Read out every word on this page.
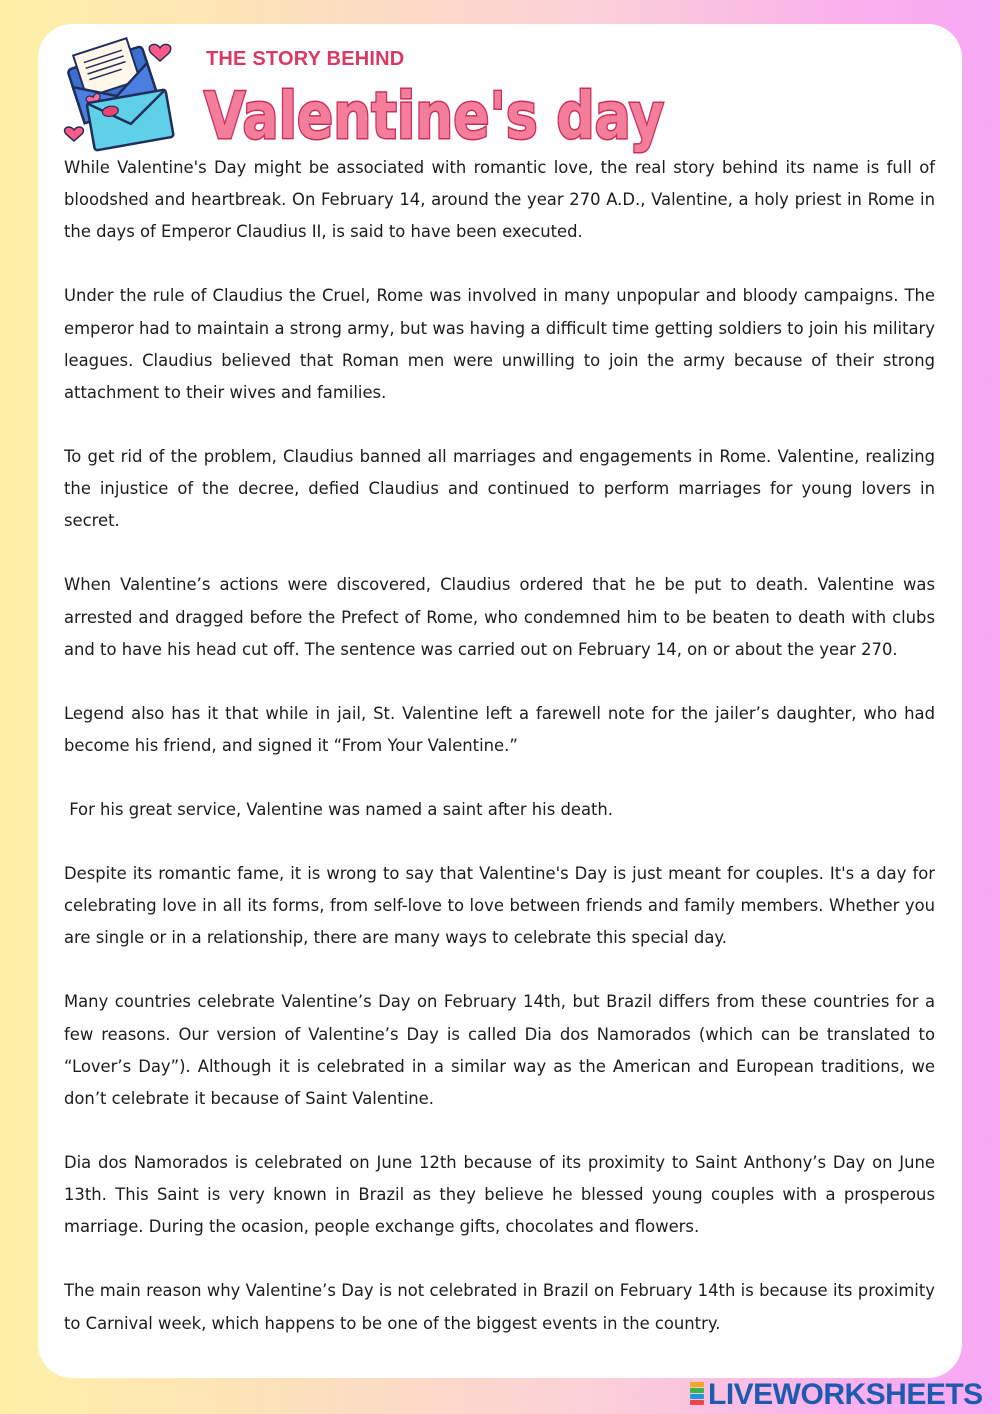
THE STORY BEHIND
Valentine's day

While Valentine's Day might be associated with romantic love, the real story behind its name is full of bloodshed and heartbreak. On February 14, around the year 270 A.D., Valentine, a holy priest in Rome in the days of Emperor Claudius II, is said to have been executed.

Under the rule of Claudius the Cruel, Rome was involved in many unpopular and bloody campaigns. The emperor had to maintain a strong army, but was having a difficult time getting soldiers to join his military leagues. Claudius believed that Roman men were unwilling to join the army because of their strong attachment to their wives and families.

To get rid of the problem, Claudius banned all marriages and engagements in Rome. Valentine, realizing the injustice of the decree, defied Claudius and continued to perform marriages for young lovers in secret.

When Valentine’s actions were discovered, Claudius ordered that he be put to death. Valentine was arrested and dragged before the Prefect of Rome, who condemned him to be beaten to death with clubs and to have his head cut off. The sentence was carried out on February 14, on or about the year 270.

Legend also has it that while in jail, St. Valentine left a farewell note for the jailer’s daughter, who had become his friend, and signed it “From Your Valentine.”

For his great service, Valentine was named a saint after his death.

Despite its romantic fame, it is wrong to say that Valentine's Day is just meant for couples. It's a day for celebrating love in all its forms, from self-love to love between friends and family members. Whether you are single or in a relationship, there are many ways to celebrate this special day.

Many countries celebrate Valentine’s Day on February 14th, but Brazil differs from these countries for a few reasons. Our version of Valentine’s Day is called Dia dos Namorados (which can be translated to “Lover’s Day”). Although it is celebrated in a similar way as the American and European traditions, we don’t celebrate it because of Saint Valentine.

Dia dos Namorados is celebrated on June 12th because of its proximity to Saint Anthony’s Day on June 13th. This Saint is very known in Brazil as they believe he blessed young couples with a prosperous marriage. During the ocasion, people exchange gifts, chocolates and flowers.

The main reason why Valentine’s Day is not celebrated in Brazil on February 14th is because its proximity to Carnival week, which happens to be one of the biggest events in the country.

LIVEWORKSHEETS
